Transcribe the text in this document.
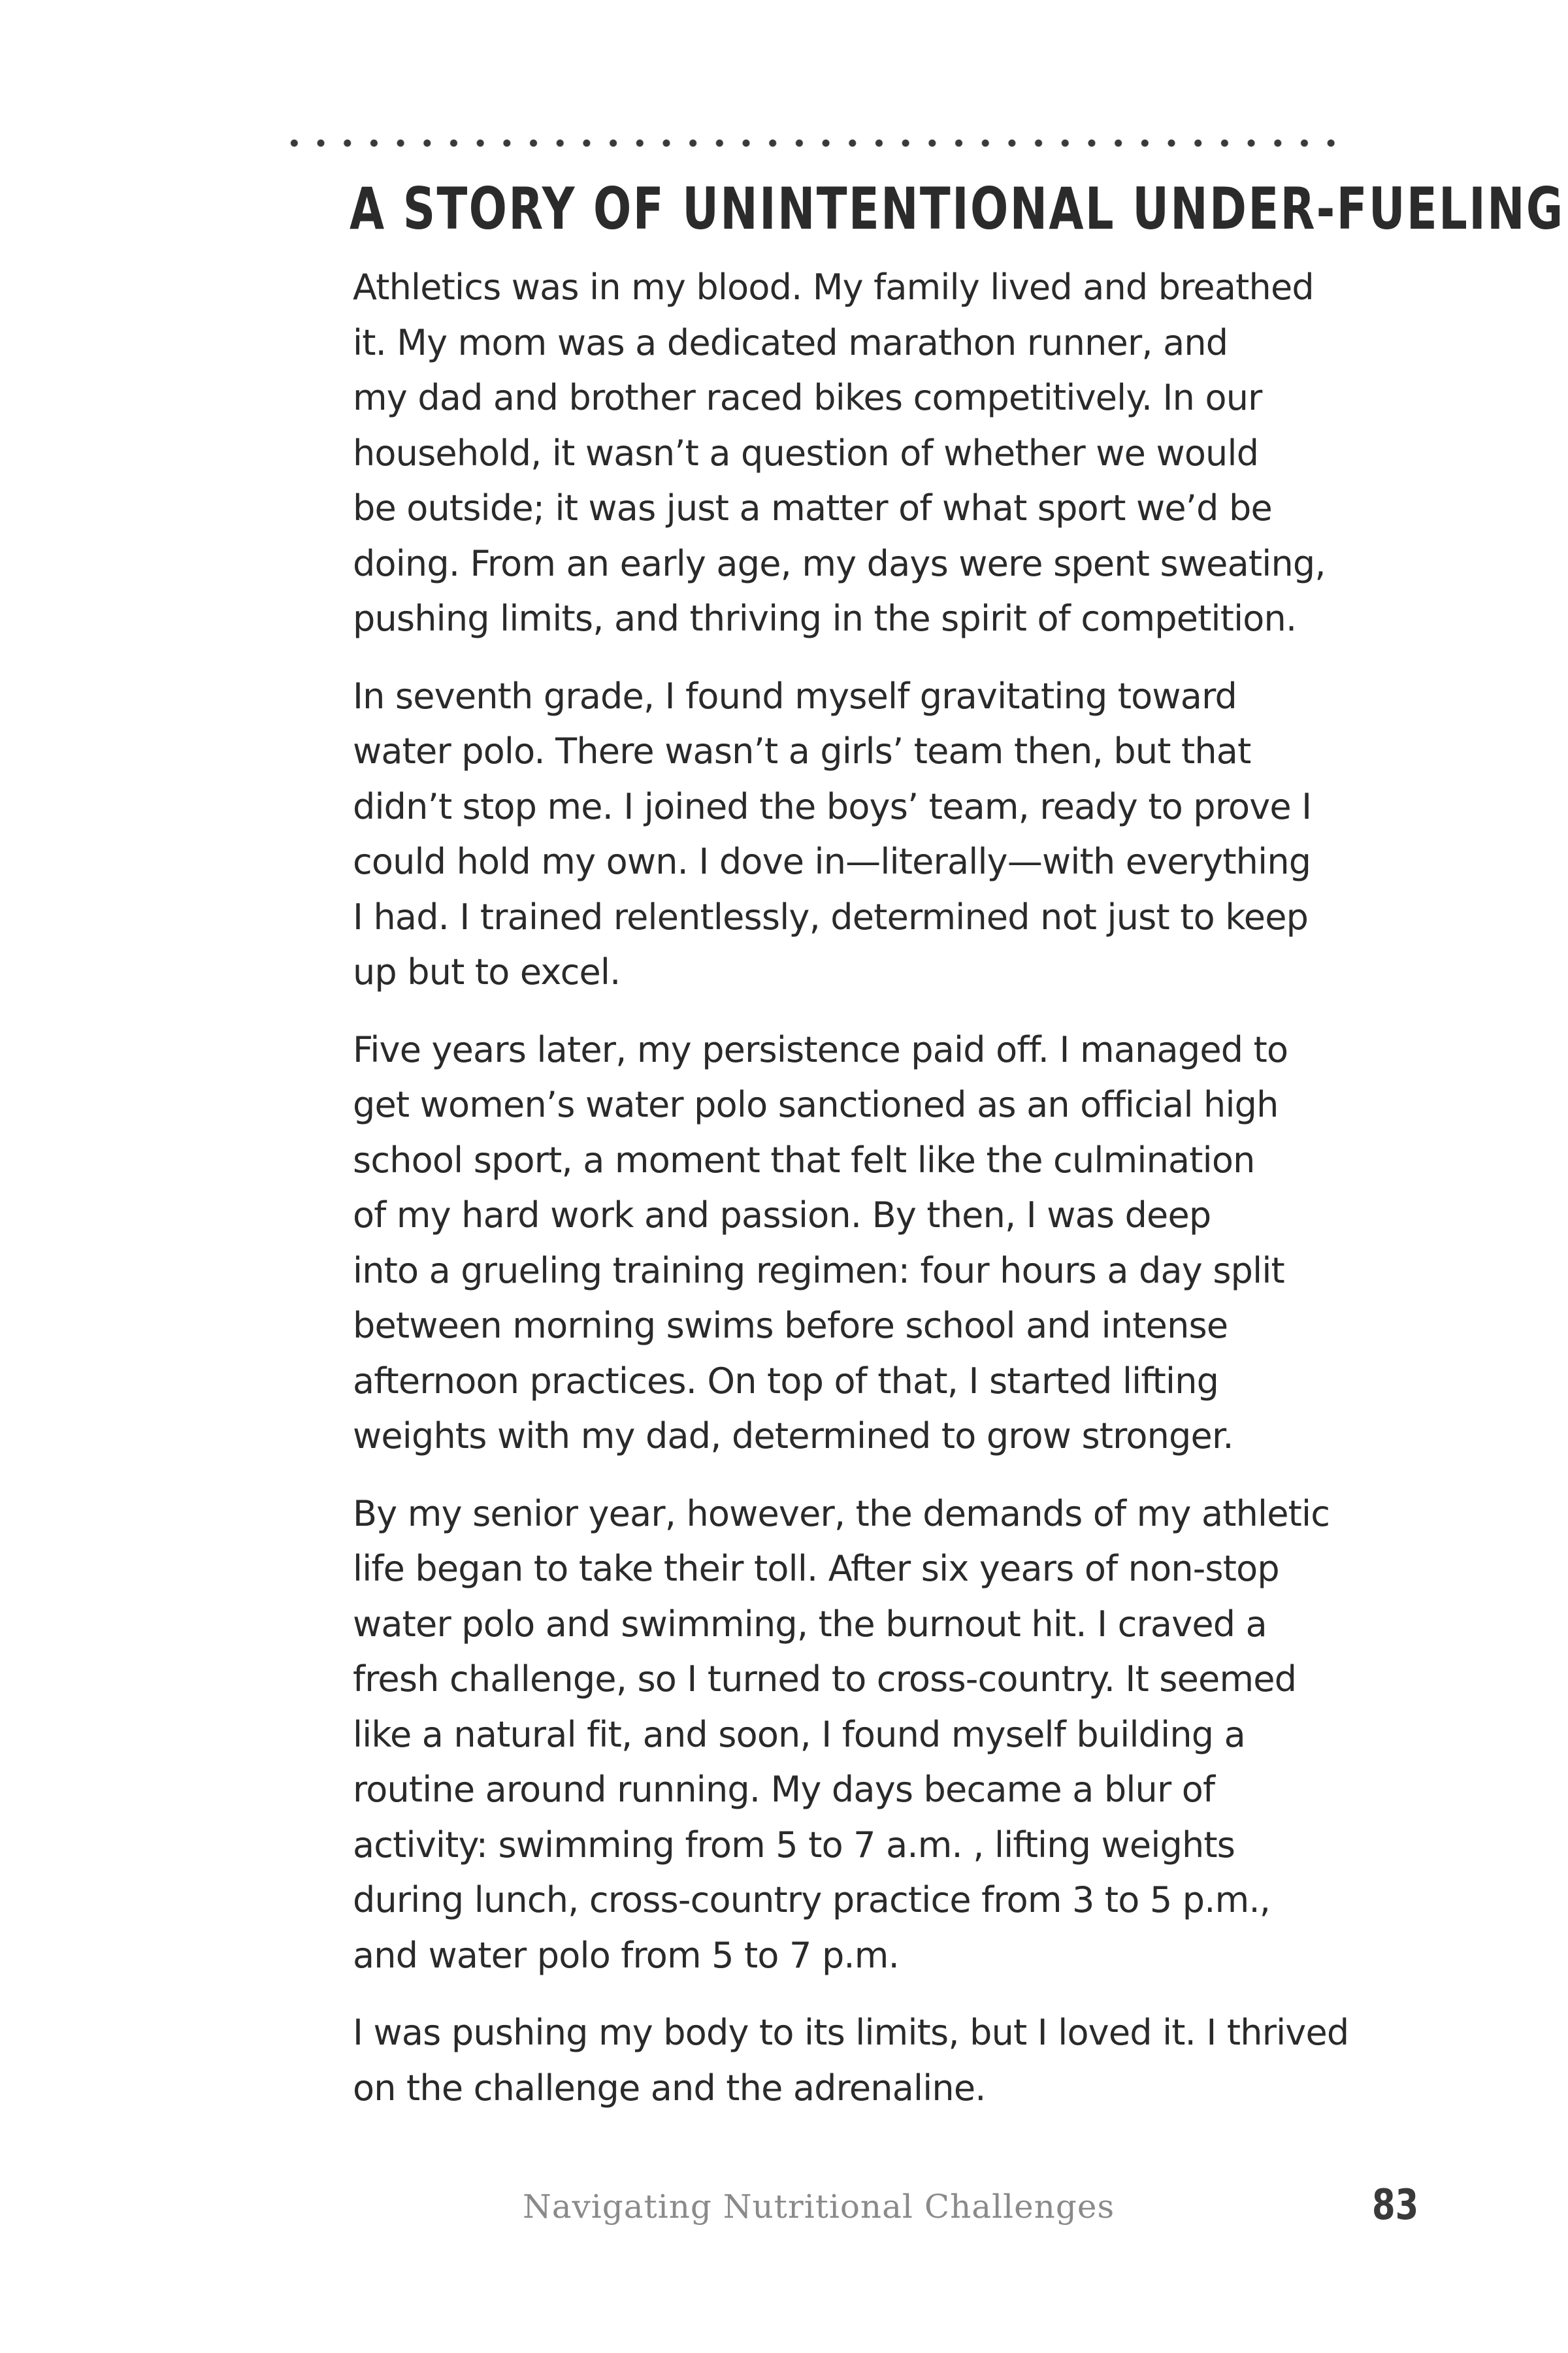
A STORY OF UNINTENTIONAL UNDER-FUELING

Athletics was in my blood. My family lived and breathed
it. My mom was a dedicated marathon runner, and
my dad and brother raced bikes competitively. In our
household, it wasn’t a question of whether we would
be outside; it was just a matter of what sport we’d be
doing. From an early age, my days were spent sweating,
pushing limits, and thriving in the spirit of competition.

In seventh grade, I found myself gravitating toward
water polo. There wasn’t a girls’ team then, but that
didn’t stop me. I joined the boys’ team, ready to prove I
could hold my own. I dove in—literally—with everything
I had. I trained relentlessly, determined not just to keep
up but to excel.

Five years later, my persistence paid off. I managed to
get women’s water polo sanctioned as an official high
school sport, a moment that felt like the culmination
of my hard work and passion. By then, I was deep
into a grueling training regimen: four hours a day split
between morning swims before school and intense
afternoon practices. On top of that, I started lifting
weights with my dad, determined to grow stronger.

By my senior year, however, the demands of my athletic
life began to take their toll. After six years of non-stop
water polo and swimming, the burnout hit. I craved a
fresh challenge, so I turned to cross-country. It seemed
like a natural fit, and soon, I found myself building a
routine around running. My days became a blur of
activity: swimming from 5 to 7 a.m. , lifting weights
during lunch, cross-country practice from 3 to 5 p.m.,
and water polo from 5 to 7 p.m.

I was pushing my body to its limits, but I loved it. I thrived
on the challenge and the adrenaline.

Navigating Nutritional Challenges	83
